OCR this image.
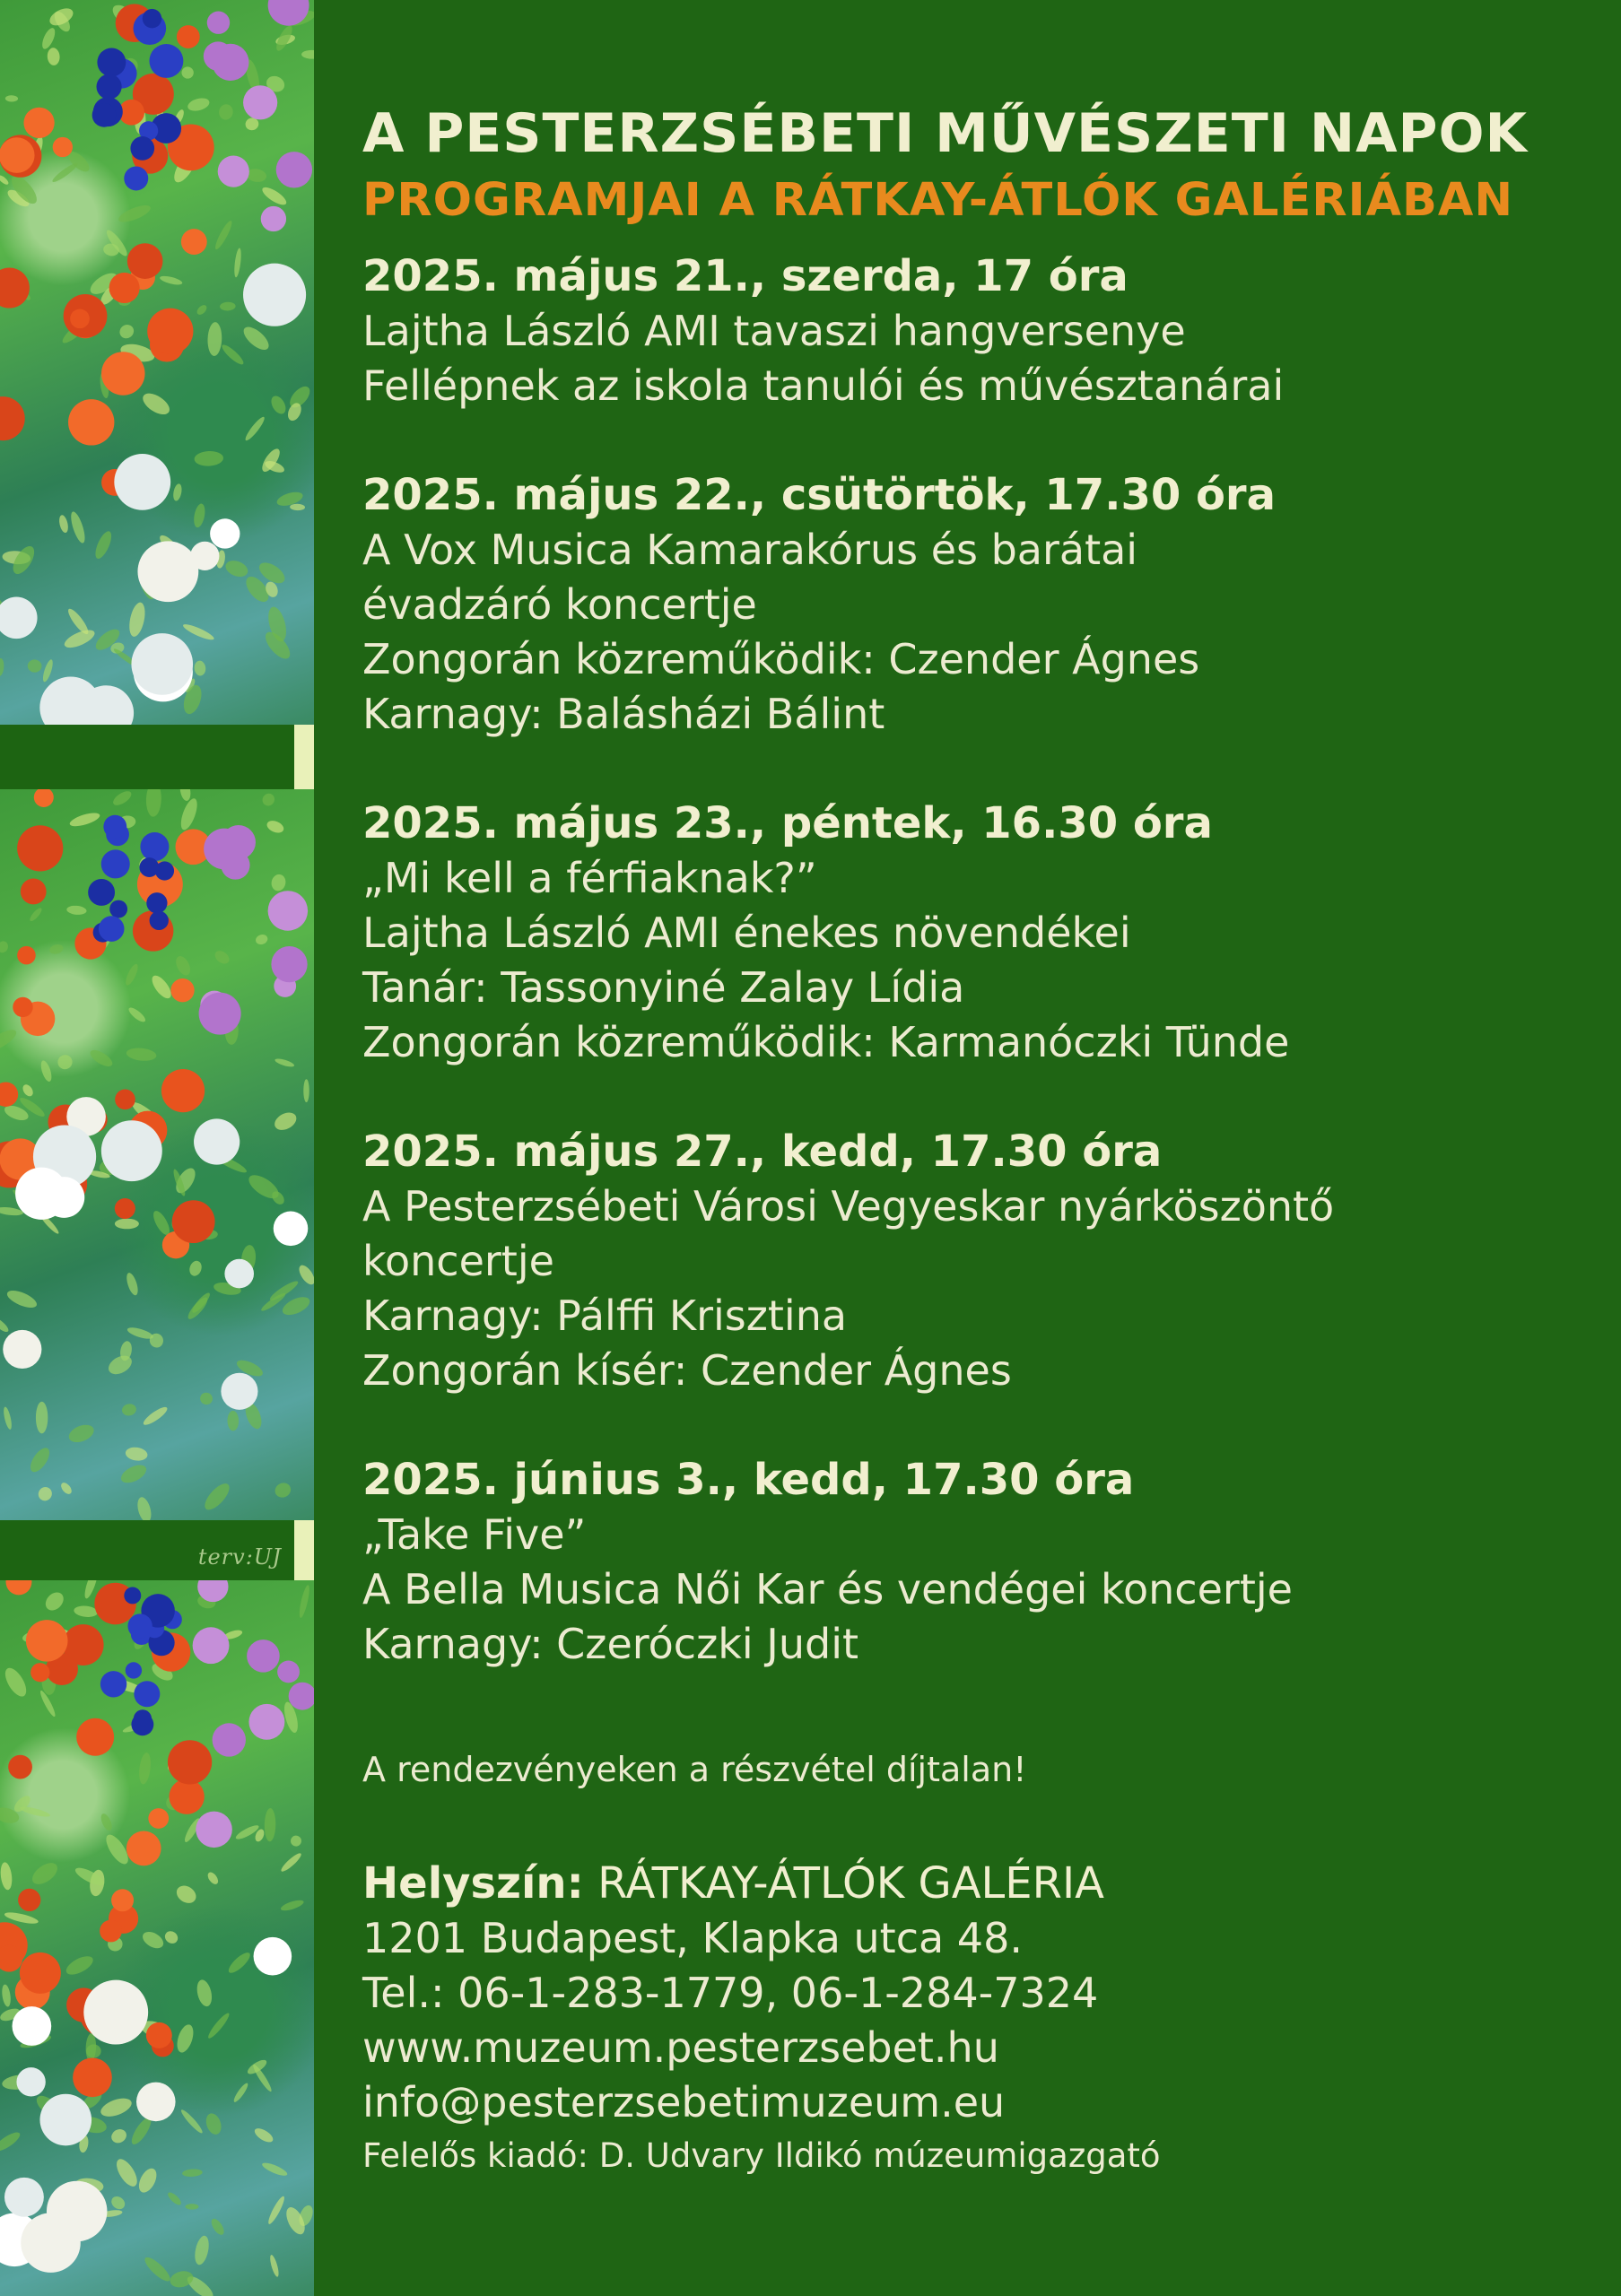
terv:UJ
A PESTERZSÉBETI MŰVÉSZETI NAPOK
PROGRAMJAI A RÁTKAY-ÁTLÓK GALÉRIÁBAN
2025. május 21., szerda, 17 óra
Lajtha László AMI tavaszi hangversenye
Fellépnek az iskola tanulói és művésztanárai
2025. május 22., csütörtök, 17.30 óra
A Vox Musica Kamarakórus és barátai
évadzáró koncertje
Zongorán közreműködik: Czender Ágnes
Karnagy: Balásházi Bálint
2025. május 23., péntek, 16.30 óra
„Mi kell a férfiaknak?”
Lajtha László AMI énekes növendékei
Tanár: Tassonyiné Zalay Lídia
Zongorán közreműködik: Karmanóczki Tünde
2025. május 27., kedd, 17.30 óra
A Pesterzsébeti Városi Vegyeskar nyárköszöntő
koncertje
Karnagy: Pálffi Krisztina
Zongorán kísér: Czender Ágnes
2025. június 3., kedd, 17.30 óra
„Take Five”
A Bella Musica Női Kar és vendégei koncertje
Karnagy: Czeróczki Judit
A rendezvényeken a részvétel díjtalan!
Helyszín: RÁTKAY-ÁTLÓK GALÉRIA
1201 Budapest, Klapka utca 48.
Tel.: 06-1-283-1779, 06-1-284-7324
www.muzeum.pesterzsebet.hu
info@pesterzsebetimuzeum.eu
Felelős kiadó: D. Udvary Ildikó múzeumigazgató
